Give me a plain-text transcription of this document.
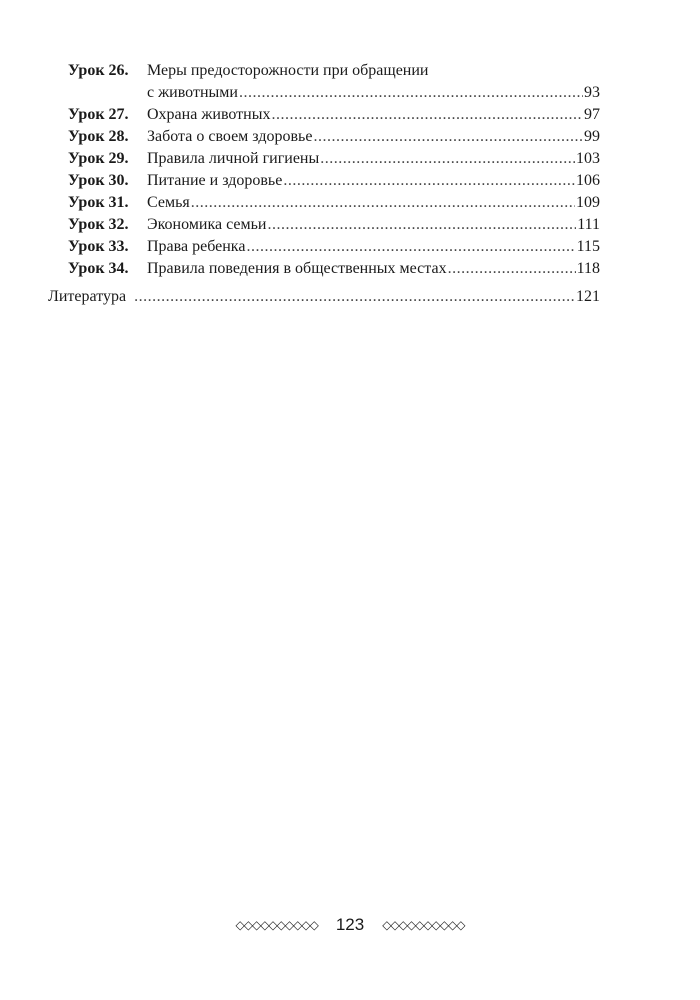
Урок 26.	Меры предосторожности при обращении
с животными .....	93
Урок 27.	Охрана животных .....	97
Урок 28.	Забота о своем здоровье .....	99
Урок 29.	Правила личной гигиены .....	103
Урок 30.	Питание и здоровье .....	106
Урок 31.	Семья .....	109
Урок 32.	Экономика семьи .....	111
Урок 33.	Права ребенка .....	115
Урок 34.	Правила поведения в общественных местах .....	118
Литература .....	121
◇◇◇◇◇◇◇◇◇◇ 123 ◇◇◇◇◇◇◇◇◇◇
